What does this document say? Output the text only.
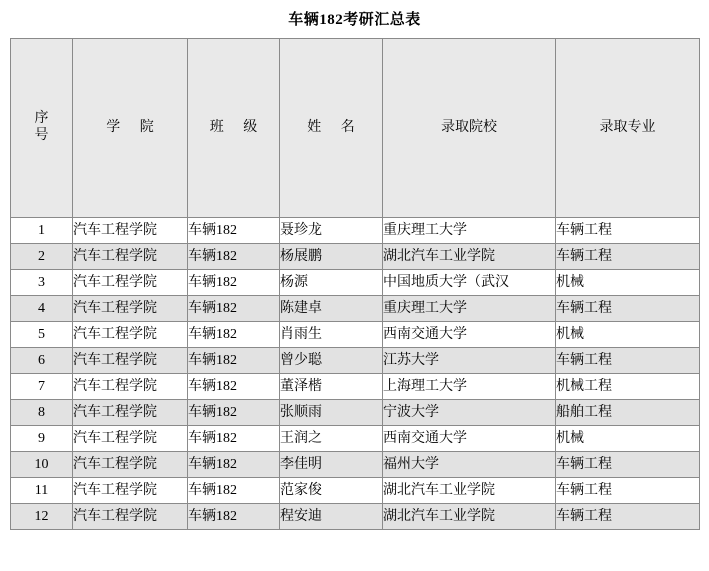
车辆182考研汇总表
序 号	学 院	班 级	姓 名	录取院校	录取专业

1	汽车工程学院	车辆182	聂珍龙	重庆理工大学	车辆工程
2	汽车工程学院	车辆182	杨展鹏	湖北汽车工业学院	车辆工程
3	汽车工程学院	车辆182	杨源	中国地质大学（武汉	机械
4	汽车工程学院	车辆182	陈建卓	重庆理工大学	车辆工程
5	汽车工程学院	车辆182	肖雨生	西南交通大学	机械
6	汽车工程学院	车辆182	曾少聪	江苏大学	车辆工程
7	汽车工程学院	车辆182	董泽楷	上海理工大学	机械工程
8	汽车工程学院	车辆182	张顺雨	宁波大学	船舶工程
9	汽车工程学院	车辆182	王润之	西南交通大学	机械
10	汽车工程学院	车辆182	李佳明	福州大学	车辆工程
11	汽车工程学院	车辆182	范家俊	湖北汽车工业学院	车辆工程
12	汽车工程学院	车辆182	程安迪	湖北汽车工业学院	车辆工程
